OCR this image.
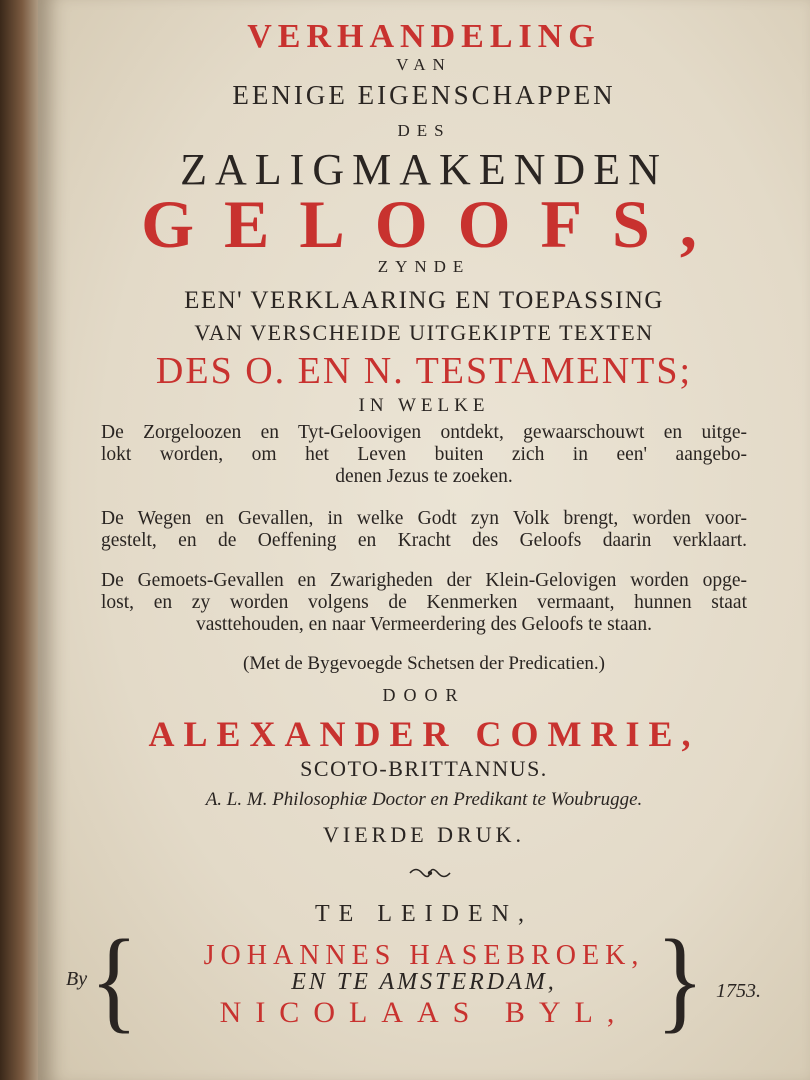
VERHANDELING
VAN
EENIGE EIGENSCHAPPEN
DES
ZALIGMAKENDEN
GELOOFS,
ZYNDE
EEN' VERKLAARING EN TOEPASSING
VAN VERSCHEIDE UITGEKIPTE TEXTEN
DES O. EN N. TESTAMENTS;
IN WELKE
De Zorgeloozen en Tyt-Geloovigen ontdekt, gewaarschouwt en uitge-
lokt worden, om het Leven buiten zich in een' aangebo-
denen Jezus te zoeken.
De Wegen en Gevallen, in welke Godt zyn Volk brengt, worden voor-
gestelt, en de Oeffening en Kracht des Geloofs daarin verklaart.
De Gemoets-Gevallen en Zwarigheden der Klein-Gelovigen worden opge-
lost, en zy worden volgens de Kenmerken vermaant, hunnen staat
vasttehouden, en naar Vermeerdering des Geloofs te staan.
(Met de Bygevoegde Schetsen der Predicatien.)
DOOR
ALEXANDER COMRIE,
SCOTO-BRITTANNUS.
A. L. M. Philosophiæ Doctor en Predikant te Woubrugge.
VIERDE DRUK.
TE LEIDEN,
JOHANNES HASEBROEK,
EN TE AMSTERDAM,
NICOLAAS BYL,
By {	} 1753.
